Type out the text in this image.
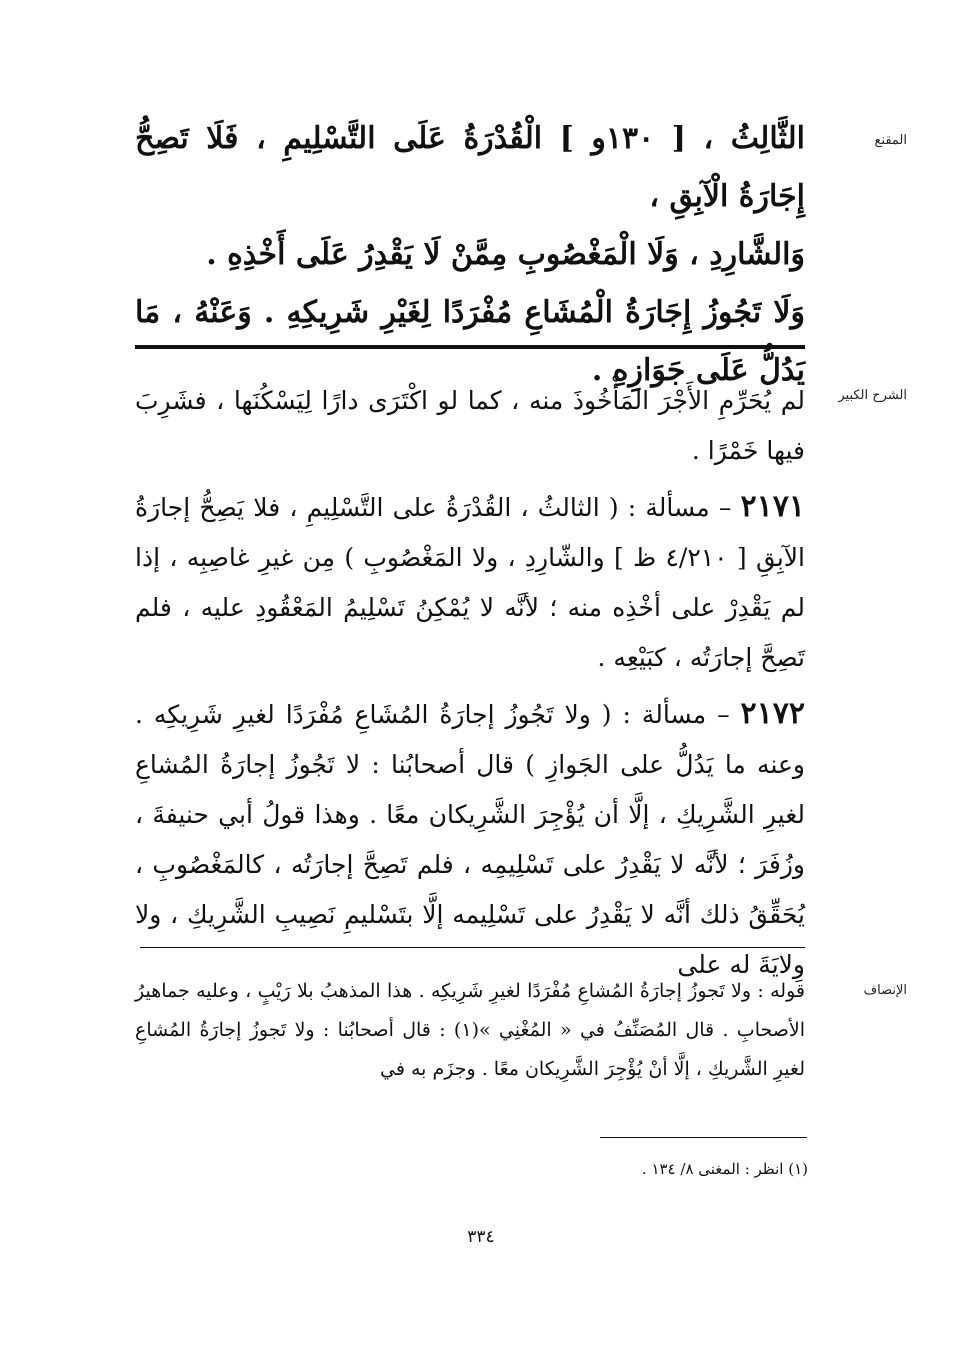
المقنع

الثَّالِثُ ، [ ١٣٠و ] الْقُدْرَةُ عَلَى التَّسْلِيمِ ، فَلَا تَصِحُّ إِجَارَةُ الْآبِقِ ،

وَالشَّارِدِ ، وَلَا الْمَغْصُوبِ مِمَّنْ لَا يَقْدِرُ عَلَى أَخْذِهِ .

وَلَا تَجُوزُ إِجَارَةُ الْمُشَاعِ مُفْرَدًا لِغَيْرِ شَرِيكِهِ . وَعَنْهُ ، مَا يَدُلُّ عَلَى جَوَازِهِ .

الشرح الكبير

لم يُحَرِّمِ الأَجْرَ المَأْخُوذَ منه ، كما لو اكْتَرَى دارًا لِيَسْكُنَها ، فشَرِبَ فيها خَمْرًا .

٢١٧١ – مسألة : ( الثالثُ ، القُدْرَةُ على التَّسْلِيمِ ، فلا يَصِحُّ إجارَةُ الآبِقِ [ ٤/٢١٠ ظ ] والشّارِدِ ، ولا المَغْصُوبِ ) مِن غيرِ غاصِبِه ، إذا لم يَقْدِرْ على أخْذِه منه ؛ لأنَّه لا يُمْكِنُ تَسْلِيمُ المَعْقُودِ عليه ، فلم تَصِحَّ إجارَتُه ، كبَيْعِه .

٢١٧٢ – مسألة : ( ولا تَجُوزُ إجارَةُ المُشَاعِ مُفْرَدًا لغيرِ شَرِيكِه . وعنه ما يَدُلُّ على الجَوازِ ) قال أصحابُنا : لا تَجُوزُ إجارَةُ المُشاعِ لغيرِ الشَّرِيكِ ، إلَّا أن يُؤْجِرَ الشَّرِيكان معًا . وهذا قولُ أبي حنيفةَ ، وزُفَرَ ؛ لأنَّه لا يَقْدِرُ على تَسْلِيمِه ، فلم تَصِحَّ إجارَتُه ، كالمَغْصُوبِ ، يُحَقِّقُ ذلك أنَّه لا يَقْدِرُ على تَسْلِيمه إلَّا بتَسْليمِ نَصِيبِ الشَّرِيكِ ، ولا وِلايَةَ له على

الإنصاف

قوله : ولا تَجوزُ إجارَةُ المُشاعِ مُفْرَدًا لغيرِ شَرِيكِه . هذا المذهبُ بلا رَيْبٍ ، وعليه جماهيرُ الأصحابِ . قال المُصَنِّفُ في « المُغْنِي »(١) : قال أصحابُنا : ولا تَجوزُ إجارَةُ المُشاعِ لغيرِ الشَّريكِ ، إلَّا أنْ يُؤْجِرَ الشَّرِيكان معًا . وجزَم به في

(١) انظر : المغنى ٨/ ١٣٤ .
٣٣٤
